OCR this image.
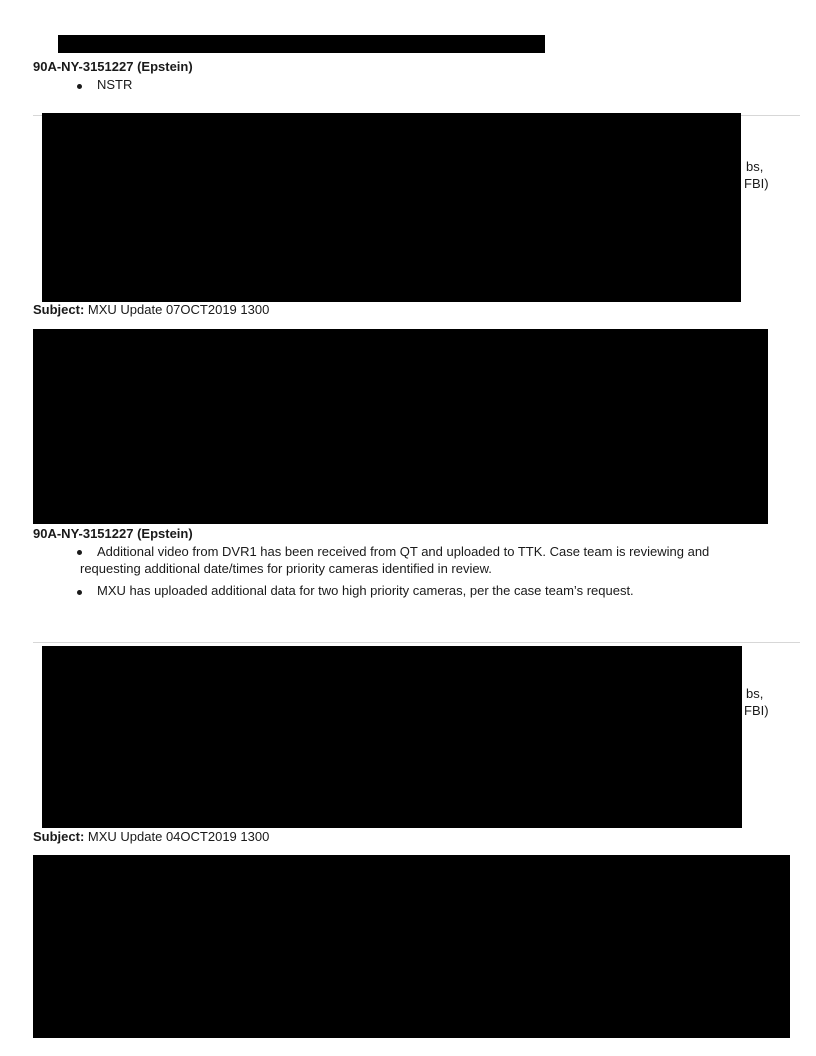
90A-NY-3151227 (Epstein)
NSTR
bs,
FBI)
Subject: MXU Update 07OCT2019 1300
90A-NY-3151227 (Epstein)
Additional video from DVR1 has been received from QT and uploaded to TTK. Case team is reviewing and
requesting additional date/times for priority cameras identified in review.
MXU has uploaded additional data for two high priority cameras, per the case team’s request.
bs,
FBI)
Subject: MXU Update 04OCT2019 1300
